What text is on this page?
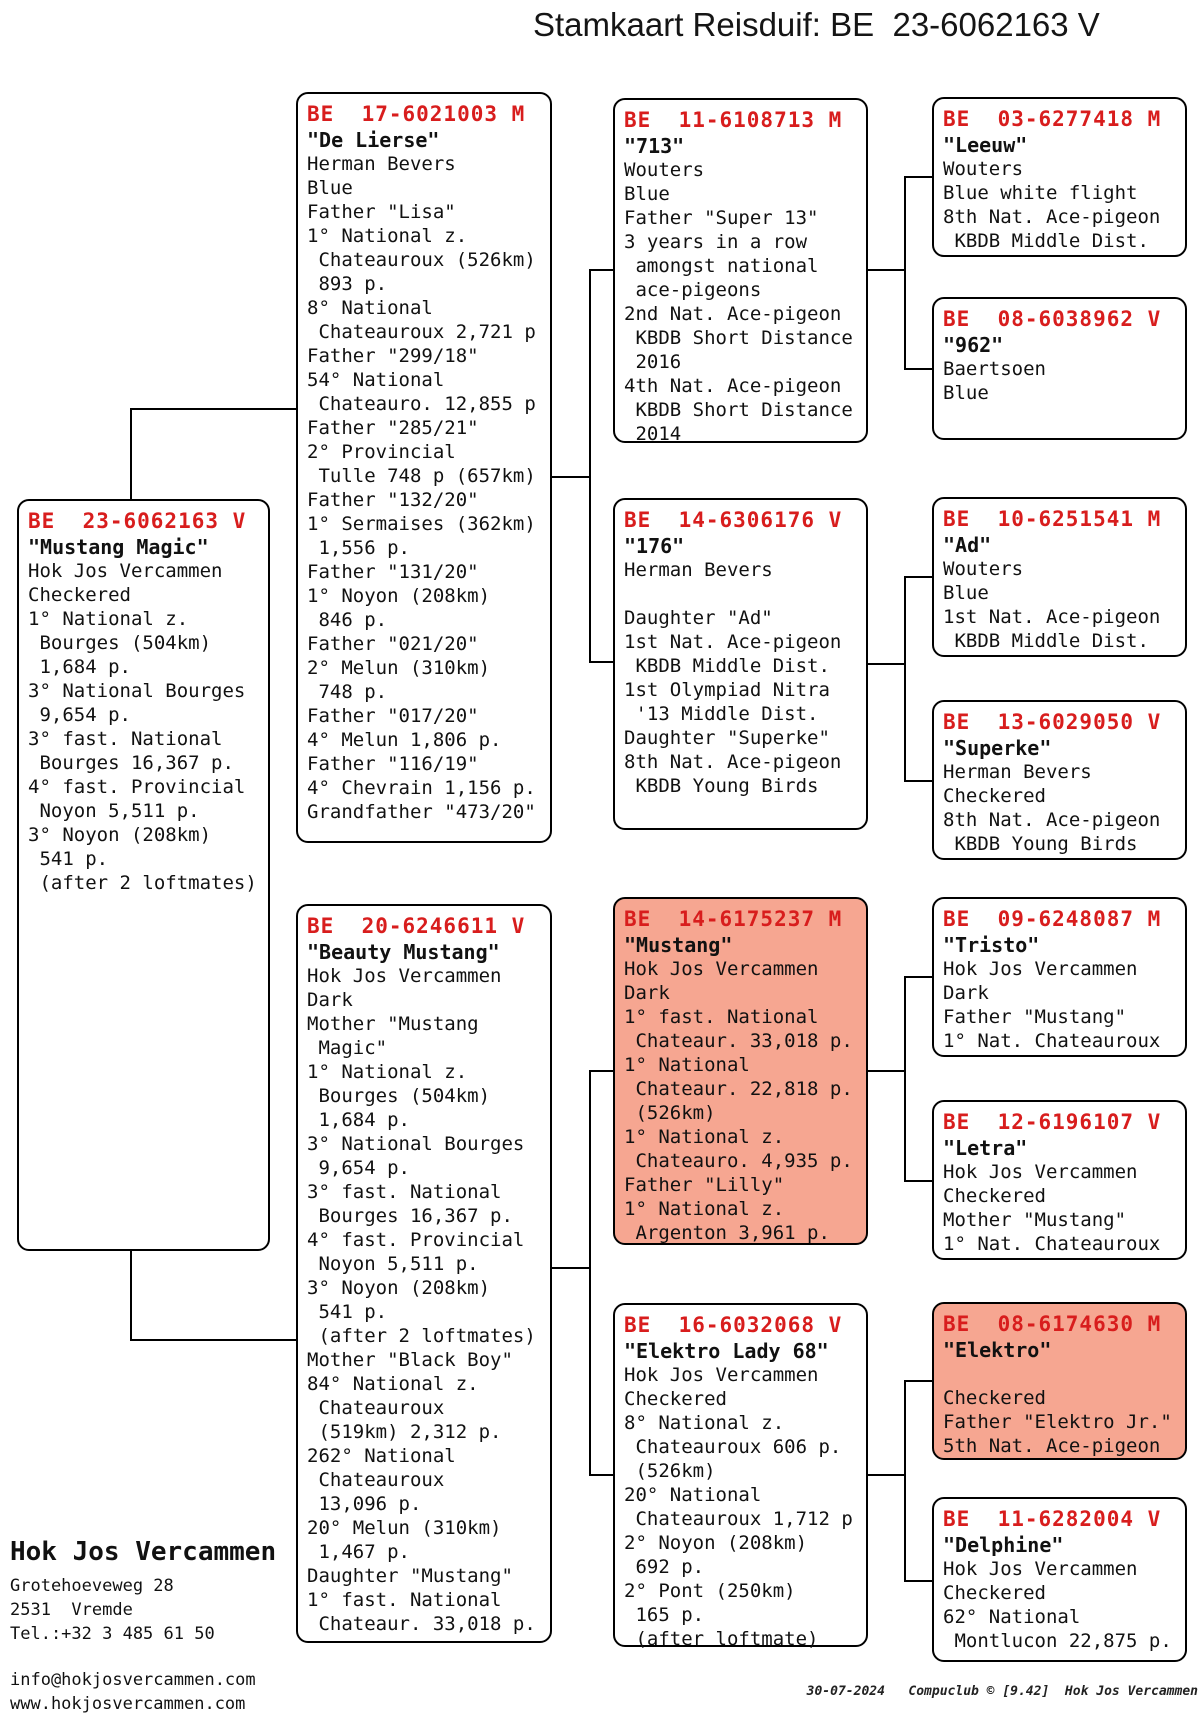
Stamkaart Reisduif: BE  23-6062163 V
BE  23-6062163 V
"Mustang Magic"
Hok Jos Vercammen
Checkered
1° National z.
Bourges (504km)
1,684 p.
3° National Bourges
9,654 p.
3° fast. National
Bourges 16,367 p.
4° fast. Provincial
Noyon 5,511 p.
3° Noyon (208km)
541 p.
(after 2 loftmates)
BE  17-6021003 M
"De Lierse"
Herman Bevers
Blue
Father "Lisa"
1° National z.
Chateauroux (526km)
893 p.
8° National
Chateauroux 2,721 p
Father "299/18"
54° National
Chateauro. 12,855 p
Father "285/21"
2° Provincial
Tulle 748 p (657km)
Father "132/20"
1° Sermaises (362km)
1,556 p.
Father "131/20"
1° Noyon (208km)
846 p.
Father "021/20"
2° Melun (310km)
748 p.
Father "017/20"
4° Melun 1,806 p.
Father "116/19"
4° Chevrain 1,156 p.
Grandfather "473/20"
BE  20-6246611 V
"Beauty Mustang"
Hok Jos Vercammen
Dark
Mother "Mustang
Magic"
1° National z.
Bourges (504km)
1,684 p.
3° National Bourges
9,654 p.
3° fast. National
Bourges 16,367 p.
4° fast. Provincial
Noyon 5,511 p.
3° Noyon (208km)
541 p.
(after 2 loftmates)
Mother "Black Boy"
84° National z.
Chateauroux
(519km) 2,312 p.
262° National
Chateauroux
13,096 p.
20° Melun (310km)
1,467 p.
Daughter "Mustang"
1° fast. National
Chateaur. 33,018 p.
BE  11-6108713 M
"713"
Wouters
Blue
Father "Super 13"
3 years in a row
amongst national
ace-pigeons
2nd Nat. Ace-pigeon
KBDB Short Distance
2016
4th Nat. Ace-pigeon
KBDB Short Distance
2014
BE  14-6306176 V
"176"
Herman Bevers
Daughter "Ad"
1st Nat. Ace-pigeon
KBDB Middle Dist.
1st Olympiad Nitra
'13 Middle Dist.
Daughter "Superke"
8th Nat. Ace-pigeon
KBDB Young Birds
BE  14-6175237 M
"Mustang"
Hok Jos Vercammen
Dark
1° fast. National
Chateaur. 33,018 p.
1° National
Chateaur. 22,818 p.
(526km)
1° National z.
Chateauro. 4,935 p.
Father "Lilly"
1° National z.
Argenton 3,961 p.
BE  16-6032068 V
"Elektro Lady 68"
Hok Jos Vercammen
Checkered
8° National z.
Chateauroux 606 p.
(526km)
20° National
Chateauroux 1,712 p
2° Noyon (208km)
692 p.
2° Pont (250km)
165 p.
(after loftmate)
BE  03-6277418 M
"Leeuw"
Wouters
Blue white flight
8th Nat. Ace-pigeon
KBDB Middle Dist.
BE  08-6038962 V
"962"
Baertsoen
Blue
BE  10-6251541 M
"Ad"
Wouters
Blue
1st Nat. Ace-pigeon
KBDB Middle Dist.
BE  13-6029050 V
"Superke"
Herman Bevers
Checkered
8th Nat. Ace-pigeon
KBDB Young Birds
BE  09-6248087 M
"Tristo"
Hok Jos Vercammen
Dark
Father "Mustang"
1° Nat. Chateauroux
BE  12-6196107 V
"Letra"
Hok Jos Vercammen
Checkered
Mother "Mustang"
1° Nat. Chateauroux
BE  08-6174630 M
"Elektro"
Checkered
Father "Elektro Jr."
5th Nat. Ace-pigeon
BE  11-6282004 V
"Delphine"
Hok Jos Vercammen
Checkered
62° National
Montlucon 22,875 p.
Hok Jos Vercammen
Grotehoeveweg 28
2531  Vremde
Tel.:+32 3 485 61 50
info@hokjosvercammen.com
www.hokjosvercammen.com
30-07-2024   Compuclub © [9.42]  Hok Jos Vercammen
